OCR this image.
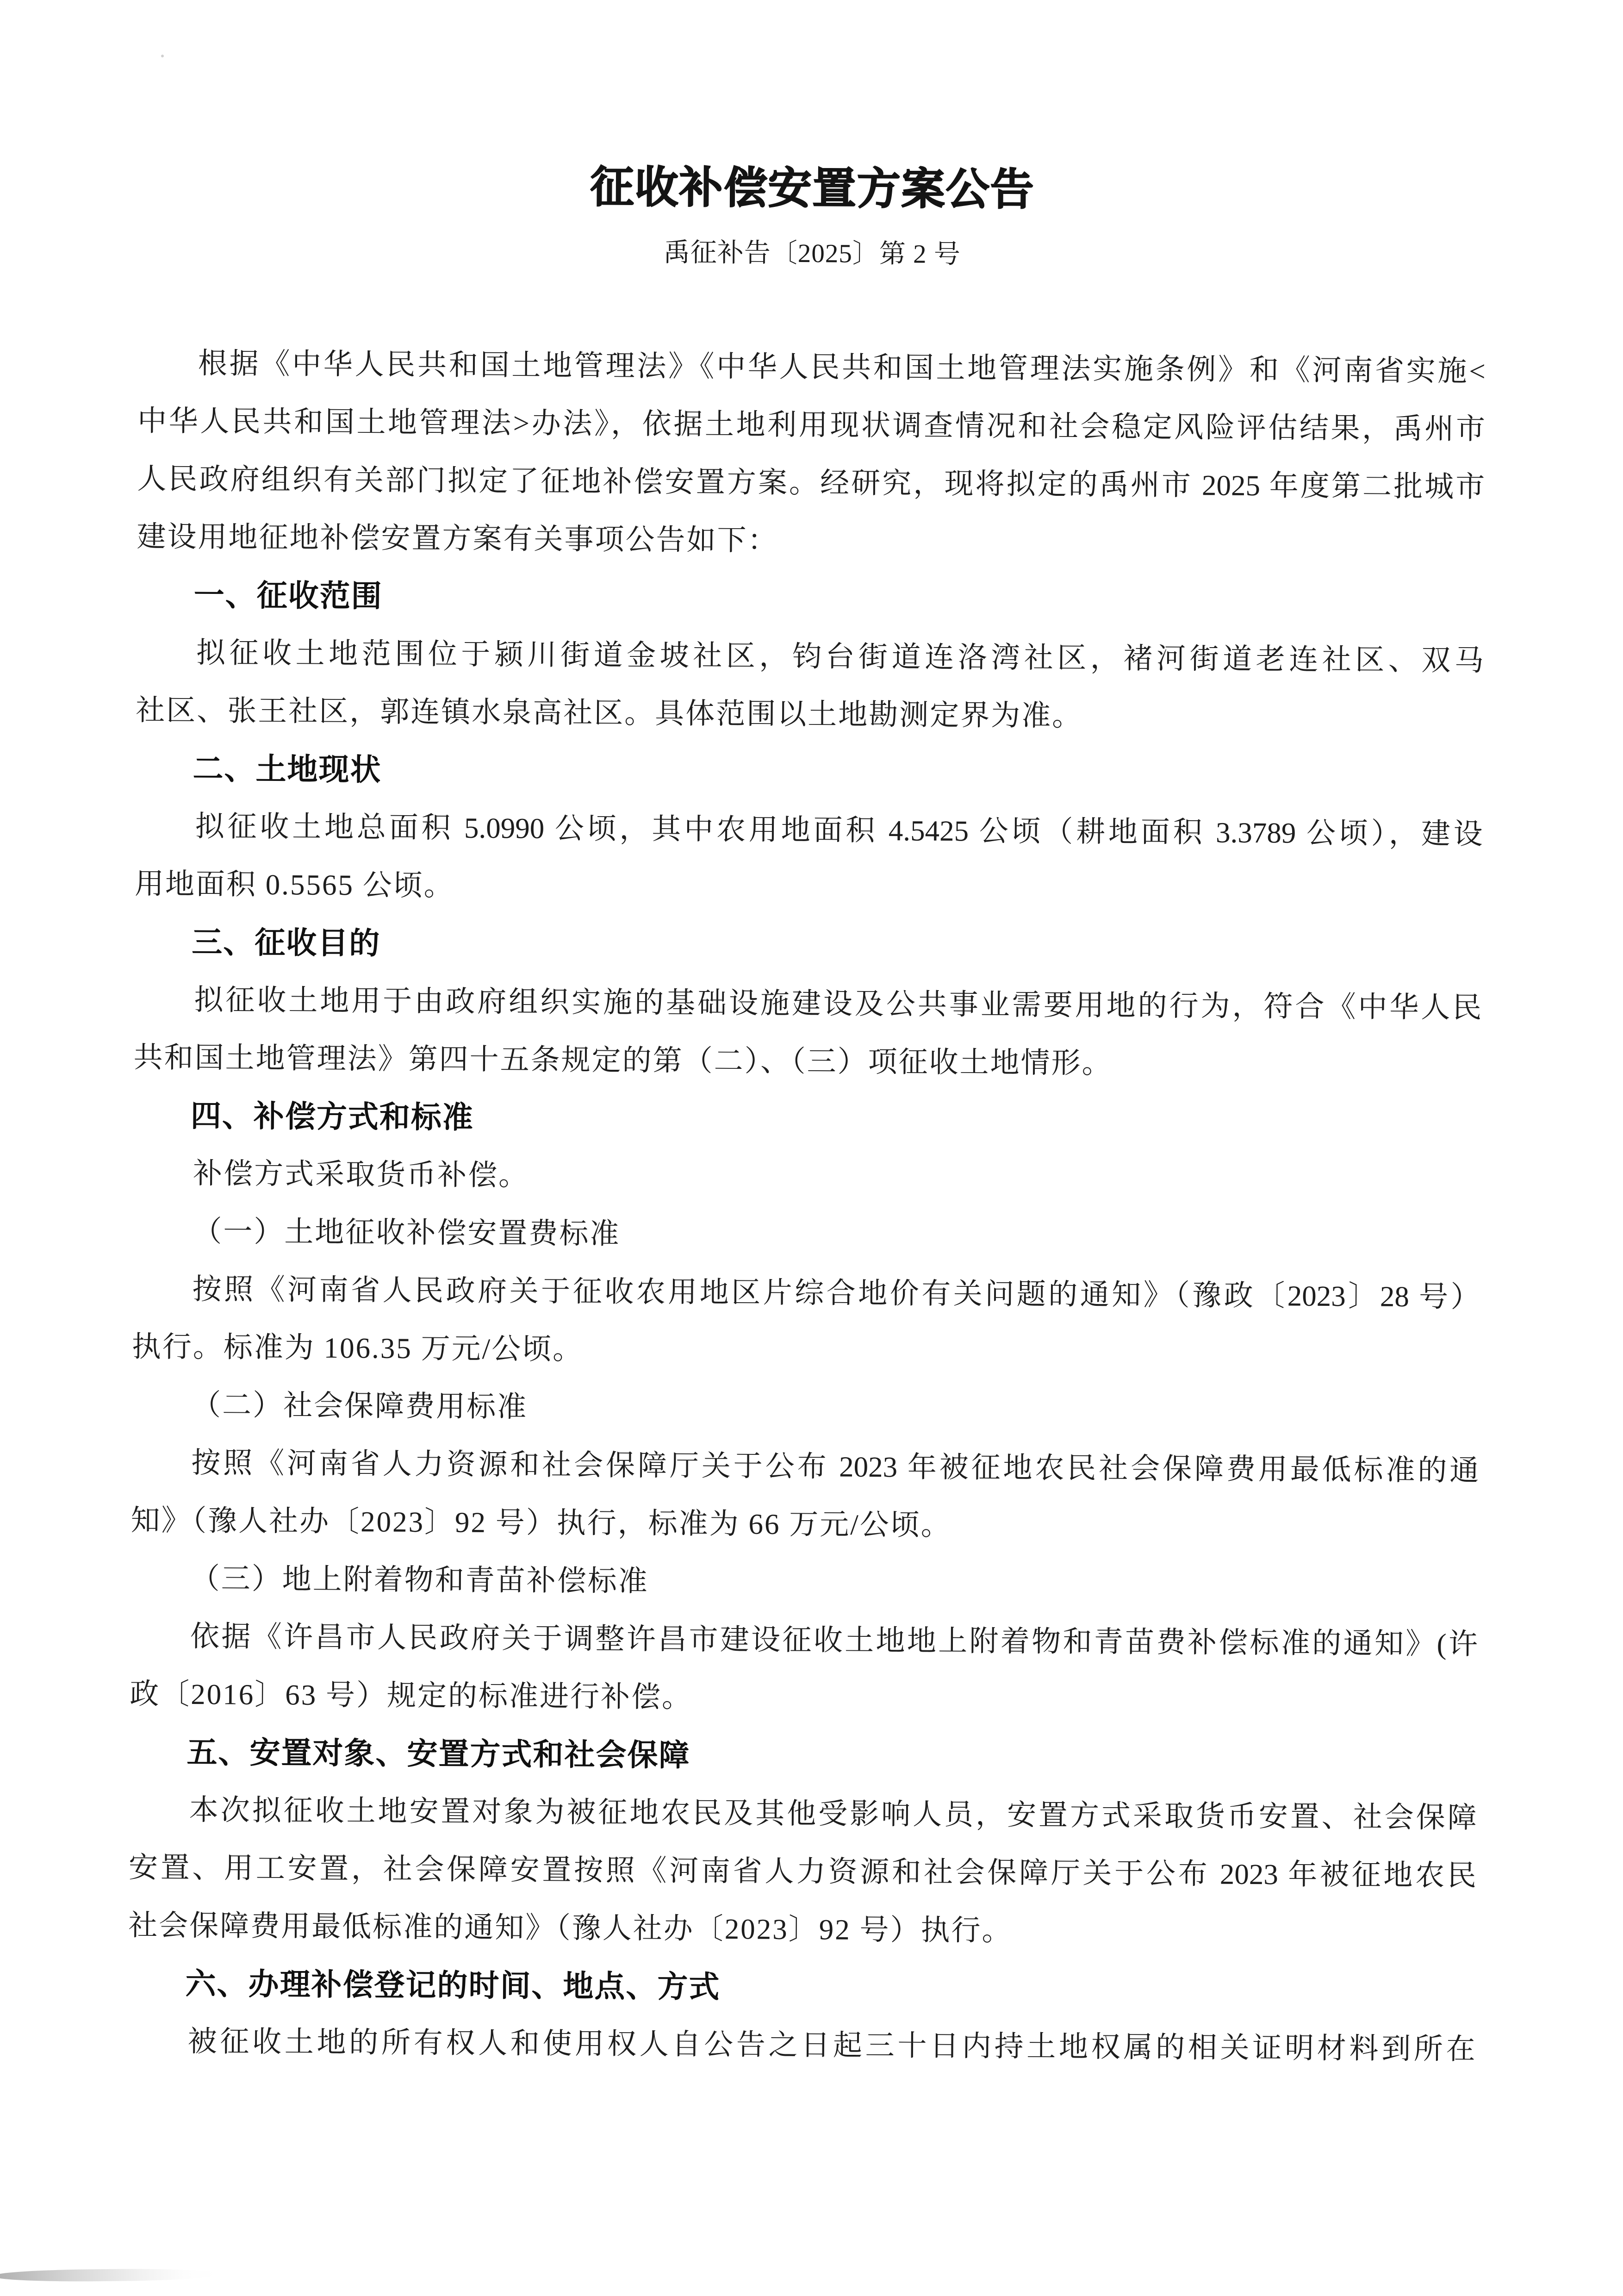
征收补偿安置方案公告
禹征补告〔2025〕第 2 号
根据《中华人民共和国土地管理法》《中华人民共和国土地管理法实施条例》和《河南省实施<
中华人民共和国土地管理法>办法》，依据土地利用现状调查情况和社会稳定风险评估结果，禹州市
人民政府组织有关部门拟定了征地补偿安置方案。经研究，现将拟定的禹州市 2025 年度第二批城市
建设用地征地补偿安置方案有关事项公告如下：
一、征收范围
拟征收土地范围位于颍川街道金坡社区，钧台街道连洛湾社区，褚河街道老连社区、双马
社区、张王社区，郭连镇水泉高社区。具体范围以土地勘测定界为准。
二、土地现状
拟征收土地总面积 5.0990 公顷，其中农用地面积 4.5425 公顷（耕地面积 3.3789 公顷），建设
用地面积 0.5565 公顷。
三、征收目的
拟征收土地用于由政府组织实施的基础设施建设及公共事业需要用地的行为，符合《中华人民
共和国土地管理法》第四十五条规定的第（二）、（三）项征收土地情形。
四、补偿方式和标准
补偿方式采取货币补偿。
（一）土地征收补偿安置费标准
按照《河南省人民政府关于征收农用地区片综合地价有关问题的通知》（豫政〔2023〕28 号）
执行。标准为 106.35 万元/公顷。
（二）社会保障费用标准
按照《河南省人力资源和社会保障厅关于公布 2023 年被征地农民社会保障费用最低标准的通
知》（豫人社办〔2023〕92 号）执行，标准为 66 万元/公顷。
（三）地上附着物和青苗补偿标准
依据《许昌市人民政府关于调整许昌市建设征收土地地上附着物和青苗费补偿标准的通知》(许
政〔2016〕63 号）规定的标准进行补偿。
五、安置对象、安置方式和社会保障
本次拟征收土地安置对象为被征地农民及其他受影响人员，安置方式采取货币安置、社会保障
安置、用工安置，社会保障安置按照《河南省人力资源和社会保障厅关于公布 2023 年被征地农民
社会保障费用最低标准的通知》（豫人社办〔2023〕92 号）执行。
六、办理补偿登记的时间、地点、方式
被征收土地的所有权人和使用权人自公告之日起三十日内持土地权属的相关证明材料到所在
